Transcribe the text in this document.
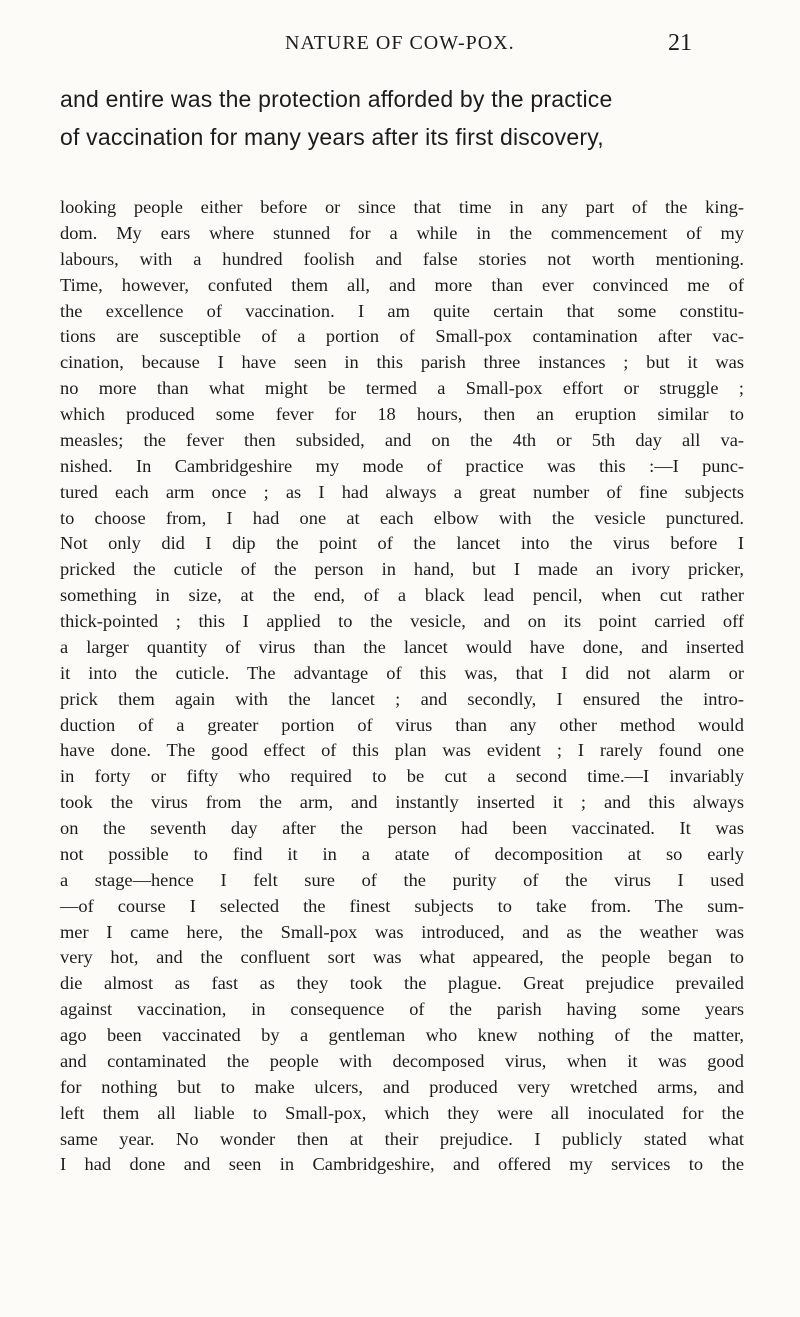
NATURE OF COW-POX.	21
and entire was the protection afforded by the practice
of vaccination for many years after its first discovery,
looking people either before or since that time in any part of the king-
dom. My ears where stunned for a while in the commencement of my
labours, with a hundred foolish and false stories not worth mentioning.
Time, however, confuted them all, and more than ever convinced me of
the excellence of vaccination. I am quite certain that some constitu-
tions are susceptible of a portion of Small-pox contamination after vac-
cination, because I have seen in this parish three instances ; but it was
no more than what might be termed a Small-pox effort or struggle ;
which produced some fever for 18 hours, then an eruption similar to
measles; the fever then subsided, and on the 4th or 5th day all va-
nished. In Cambridgeshire my mode of practice was this :—I punc-
tured each arm once ; as I had always a great number of fine subjects
to choose from, I had one at each elbow with the vesicle punctured.
Not only did I dip the point of the lancet into the virus before I
pricked the cuticle of the person in hand, but I made an ivory pricker,
something in size, at the end, of a black lead pencil, when cut rather
thick-pointed ; this I applied to the vesicle, and on its point carried off
a larger quantity of virus than the lancet would have done, and inserted
it into the cuticle. The advantage of this was, that I did not alarm or
prick them again with the lancet ; and secondly, I ensured the intro-
duction of a greater portion of virus than any other method would
have done. The good effect of this plan was evident ; I rarely found one
in forty or fifty who required to be cut a second time.—I invariably
took the virus from the arm, and instantly inserted it ; and this always
on the seventh day after the person had been vaccinated. It was
not possible to find it in a atate of decomposition at so early
a stage—hence I felt sure of the purity of the virus I used
—of course I selected the finest subjects to take from. The sum-
mer I came here, the Small-pox was introduced, and as the weather was
very hot, and the confluent sort was what appeared, the people began to
die almost as fast as they took the plague. Great prejudice prevailed
against vaccination, in consequence of the parish having some years
ago been vaccinated by a gentleman who knew nothing of the matter,
and contaminated the people with decomposed virus, when it was good
for nothing but to make ulcers, and produced very wretched arms, and
left them all liable to Small-pox, which they were all inoculated for the
same year. No wonder then at their prejudice. I publicly stated what
I had done and seen in Cambridgeshire, and offered my services to the
